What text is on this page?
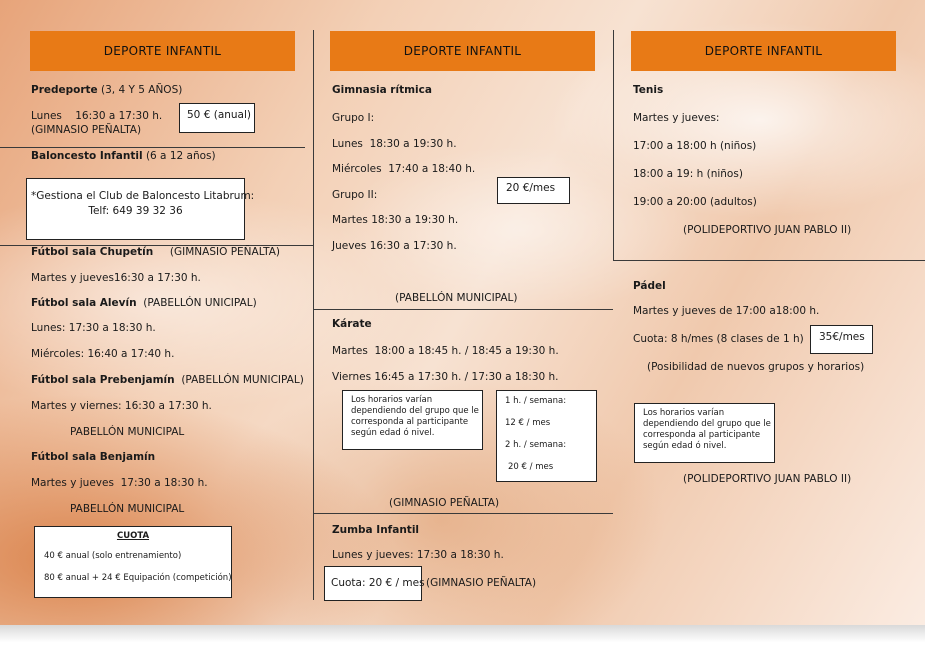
DEPORTE INFANTIL
Predeporte (3, 4 Y 5 AÑOS)
Lunes    16:30 a 17:30 h.
(GIMNASIO PEÑALTA)
50 € (anual)
Baloncesto Infantil (6 a 12 años)
*Gestiona el Club de Baloncesto Litabrum:
Telf: 649 39 32 36
Fútbol sala Chupetín (GIMNASIO PEÑALTA)
Martes y jueves16:30 a 17:30 h.
Fútbol sala Alevín (PABELLÓN UNICIPAL)
Lunes: 17:30 a 18:30 h.
Miércoles: 16:40 a 17:40 h.
Fútbol sala Prebenjamín (PABELLÓN MUNICIPAL)
Martes y viernes: 16:30 a 17:30 h.
PABELLÓN MUNICIPAL
Fútbol sala Benjamín
Martes y jueves  17:30 a 18:30 h.
PABELLÓN MUNICIPAL
CUOTA
40 € anual (solo entrenamiento)
80 € anual + 24 € Equipación (competición)
DEPORTE INFANTIL
Gimnasia rítmica
Grupo I:
Lunes  18:30 a 19:30 h.
Miércoles  17:40 a 18:40 h.
Grupo II:
Martes 18:30 a 19:30 h.
Jueves 16:30 a 17:30 h.
20 €/mes
(PABELLÓN MUNICIPAL)
Kárate
Martes  18:00 a 18:45 h. / 18:45 a 19:30 h.
Viernes 16:45 a 17:30 h. / 17:30 a 18:30 h.
Los horarios varían
dependiendo del grupo que le
corresponda al participante
según edad ó nivel.
1 h. / semana:
12 € / mes
2 h. / semana:
20 € / mes
(GIMNASIO PEÑALTA)
Zumba Infantil
Lunes y jueves: 17:30 a 18:30 h.
Cuota: 20 € / mes (GIMNASIO PEÑALTA)
DEPORTE INFANTIL
Tenis
Martes y jueves:
17:00 a 18:00 h (niños)
18:00 a 19: h (niños)
19:00 a 20:00 (adultos)
(POLIDEPORTIVO JUAN PABLO II)
Pádel
Martes y jueves de 17:00 a18:00 h.
Cuota: 8 h/mes (8 clases de 1 h) 35€/mes
(Posibilidad de nuevos grupos y horarios)
Los horarios varían
dependiendo del grupo que le
corresponda al participante
según edad ó nivel.
(POLIDEPORTIVO JUAN PABLO II)
